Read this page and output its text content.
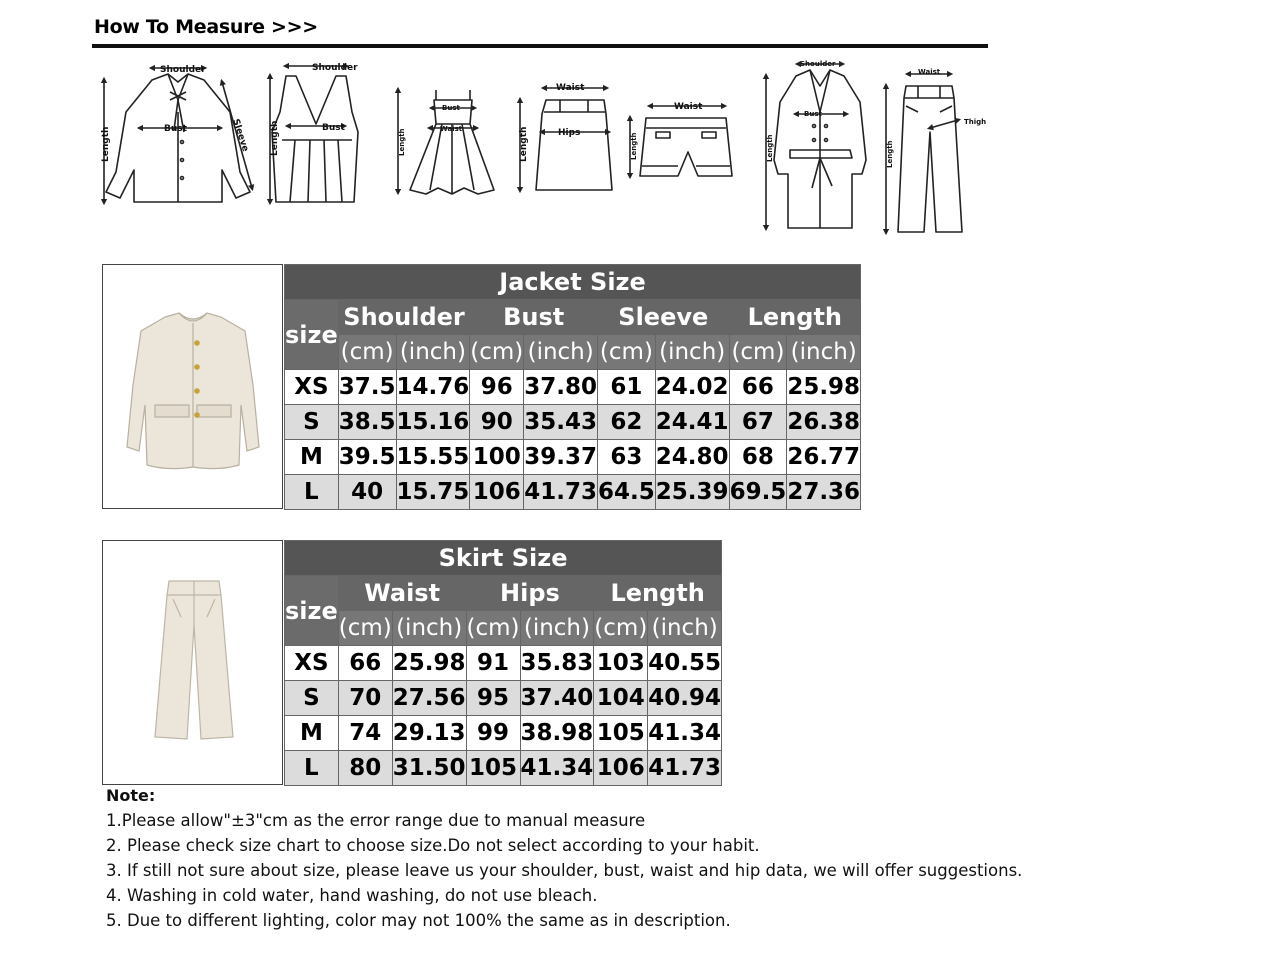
How To Measure >>>
Shoulder
Bust
Length	Sleeve
Shoulder
Bust
Length
Bust
Waist
Length
Waist
Hips
Length
Waist
Length
Shoulder
Bust
Length
Waist
Thigh
Length
Jacket Size								
size	Shoulder		Bust		Sleeve		Length	
	(cm)	(inch)	(cm)	(inch)	(cm)	(inch)	(cm)	(inch)
XS	37.5	14.76	96	37.80	61	24.02	66	25.98
S	38.5	15.16	90	35.43	62	24.41	67	26.38
M	39.5	15.55	100	39.37	63	24.80	68	26.77
L	40	15.75	106	41.73	64.5	25.39	69.5	27.36
Skirt Size						
size	Waist		Hips		Length	
	(cm)	(inch)	(cm)	(inch)	(cm)	(inch)
XS	66	25.98	91	35.83	103	40.55
S	70	27.56	95	37.40	104	40.94
M	74	29.13	99	38.98	105	41.34
L	80	31.50	105	41.34	106	41.73
Note:
1.Please allow"±3"cm as the error range due to manual measure
2. Please check size chart to choose size.Do not select according to your habit.
3. If still not sure about size, please leave us your shoulder, bust, waist and hip data, we will offer suggestions.
4. Washing in cold water, hand washing, do not use bleach.
5. Due to different lighting, color may not 100% the same as in description.
